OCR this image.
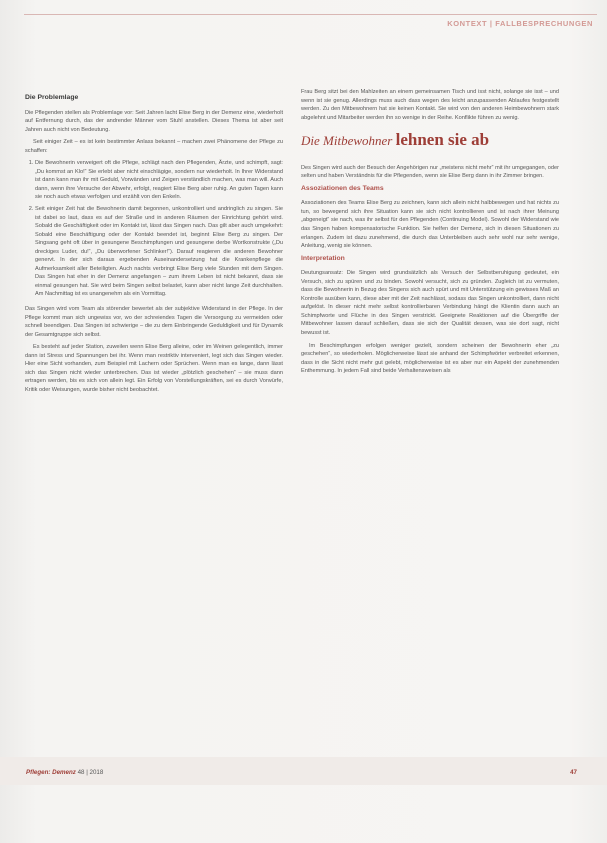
KONTEXT | FALLBESPRECHUNGEN
Die Problemlage

Die Pflegenden stellen als Problemlage vor: Seit Jahren lacht Elise Berg in der Demenz eine, wiederholt auf Entfernung durch, das der andrender Männer vom Stuhl anstellen. Dieses Thema ist aber seit Jahren auch nicht von Bedeutung.

Seit einiger Zeit – es ist kein bestimmter Anlass bekannt – machen zwei Phänomene der Pflege zu schaffen:

1. Die Bewohnerin verweigert oft die Pflege, schlägt nach den Pflegenden, Ärzte, und schimpft, sagt: „Du kommst an Klo!“ Sie erlebt aber nicht einschlägige, sondern nur wiederholt. In Ihrer Widerstand ist dann kann man ihr mit Geduld, Vorwänden und Zeigen verständlich machen, was man will. Auch dann, wenn ihre Versuche der Abwehr, erfolgt, reagiert Elise Berg aber ruhig. An guten Tagen kann sie noch auch etwas verfolgen und erzählt von den Enkeln.
2. Seit einiger Zeit hat die Bewohnerin damit begonnen, unkontrolliert und andringlich zu singen. Sie ist dabei so laut, dass es auf der Straße und in anderen Räumen der Einrichtung gehört wird. Sobald die Geschäftigkeit oder im Kontakt ist, lässt das Singen nach. Das gilt aber auch umgekehrt: Sobald eine Beschäftigung oder der Kontakt beendet ist, beginnt Elise Berg zu singen. Der Singsang geht oft über in gesungene Beschimpfungen und gesungene derbe Wortkonstrukte („Du dreckiges Luder, du!“, „Du überworfener Schlinker!“). Darauf reagieren die anderen Bewohner genervt. In der sich daraus ergebenden Auseinandersetzung hat die Krankenpflege die Aufmerksamkeit aller Beteiligten. Auch nachts verbringt Elise Berg viele Stunden mit dem Singen. Das Singen hat eher in der Demenz angefangen – zum ihrem Leben ist nicht bekannt, dass sie einmal gesungen hat. Sie wird beim Singen selbst belastet, kann aber nicht lange Zeit durchhalten. Am Nachmittag ist es unangenehm als ein Vormittag.

Das Singen wird vom Team als störender bewertet als der subjektive Widerstand in der Pflege. In der Pflege kommt man sich ungewiss vor, wo der schreiendes Tagen die Versorgung zu vermeiden oder schnell beendigen. Das Singen ist schwierige – die zu dem Einbringende Geduldigkeit und für Dynamik der Gesamtgruppe sich selbst.

Es besteht auf jeder Station, zuweilen wenn Elise Berg alleine, oder im Weinen gelegentlich, immer dann ist Stress und Spannungen bei ihr. Wenn man restriktiv interveniert, legt sich das Singen wieder. Hier eine Sicht vorhanden, zum Beispiel mit Lachern oder Sprüchen. Wenn man es lange, dann lässt sich das Singen nicht wieder unterbrechen. Das ist wieder „plötzlich geschehen“ – sie muss dann ertragen werden, bis es sich von allein legt. Ein Erfolg von Vorstellungskräften, sei es durch Vorwürfe, Kritik oder Weisungen, wurde bisher nicht beobachtet.

Frau Berg sitzt bei den Mahlzeiten an einem gemeinsamen Tisch und isst nicht, solange sie isst – und wenn ist sie genug. Allerdings muss auch dass wegen des leicht anzupassenden Ablaufes festgestellt werden. Zu den Mitbewohnern hat sie keinen Kontakt. Sie wird von den anderen Heimbewohnern stark abgelehnt und Mitarbeiter werden ihn so wenige in der Reihe. Konflikte führen zu wenig.

Die Mitbewohner lehnen sie ab

Des Singen wird auch der Besuch der Angehörigen nur „meistens nicht mehr“ mit ihr umgegangen, oder selten und haben Verständnis für die Pflegenden, wenn sie Elise Berg dann in ihr Zimmer bringen.

Assoziationen des Teams

Assoziationen des Teams Elise Berg zu zeichnen, kann sich allein nicht halbbewegen und hat nichts zu tun, so bewegend sich ihre Situation kann sie sich nicht kontrollieren und ist nach ihrer Meinung „abgeneigt“ sie nach, was ihr selbst für den Pflegenden (Continuing Model). Sowohl der Widerstand wie das Singen haben kompensatorische Funktion. Sie helfen der Demenz, sich in diesen Situationen zu erlangen. Zudem ist dazu zunehmend, die durch das Unterbleiben auch sehr wohl nur sehr wenige, Anleitung, wenig sie können.

Interpretation

Deutungsansatz: Die Singen wird grundsätzlich als Versuch der Selbstberuhigung gedeutet, ein Versuch, sich zu spüren und zu binden. Sowohl versucht, sich zu gründen. Zugleich ist zu vermuten, dass die Bewohnerin in Bezug des Singens sich auch spürt und mit Unterstützung ein gewisses Maß an Kontrolle ausüben kann, diese aber mit der Zeit nachlässt, sodass das Singen unkontrolliert, dann nicht aufgelöst. In dieser nicht mehr selbst kontrollierbaren Verbindung hängt die Klientin dann auch an Schimpfworte und Flüche in des Singen verstrickt. Geeignete Reaktionen auf die Übergriffe der Mitbewohner lassen darauf schließen, dass sie sich der Qualität dessen, was sie dort sagt, nicht bewusst ist.

Im Beschimpfungen erfolgen weniger gezielt, sondern scheinen der Bewohnerin eher „zu geschehen“, so wiederholen. Möglicherweise lässt sie anhand der Schimpfwörter verbreitet erkennen, dass in die Sicht nicht mehr gut gelebt, möglicherweise ist es aber nur ein Aspekt der zunehmenden Enthemmung. In jedem Fall sind beide Verhaltensweisen als

Pflegen: Demenz 48 | 2018	47
